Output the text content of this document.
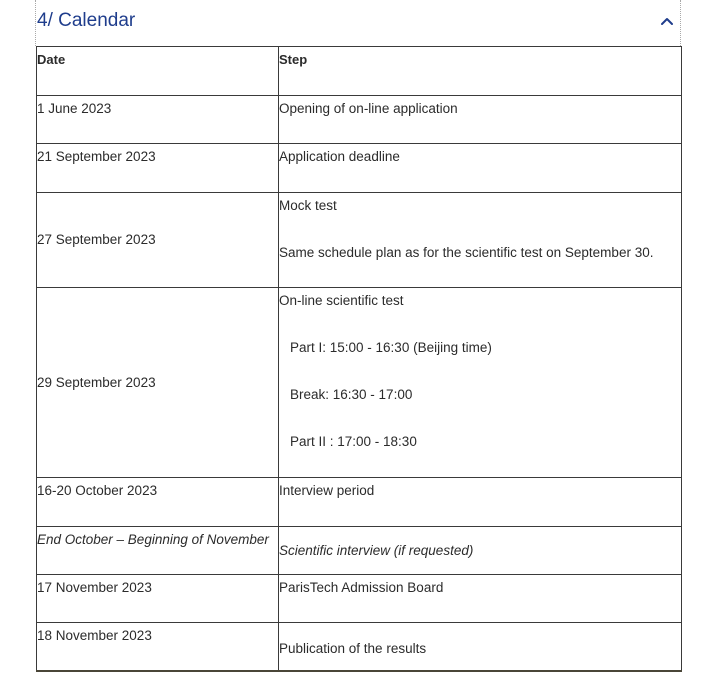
4/ Calendar
Date	Step
1 June 2023	Opening of on-line application
21 September 2023	Application deadline
27 September 2023	Mock test
Same schedule plan as for the scientific test on September 30.

29 September 2023	On-line scientific test
Part I: 15:00 - 16:30 (Beijing time)
Break: 16:30 - 17:00
Part II : 17:00 - 18:30

16-20 October 2023	Interview period
End October – Beginning of November	Scientific interview (if requested)
17 November 2023	ParisTech Admission Board
18 November 2023	Publication of the results
